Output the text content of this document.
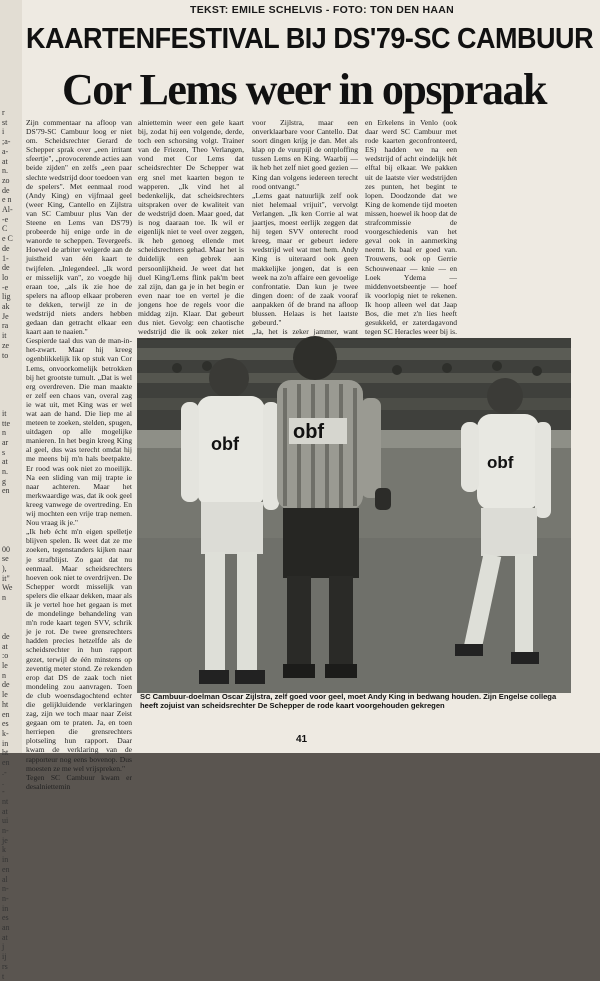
r
st
i
;a-
a-
at
n.
zo
de
e n
Al-
-e
C
e C
de
1-
de
lo
-e
lig
ak
Je
ra
it
ze
to

it
tte
n
ar
s
at
n.
g
en

00
se
),
it"
We
n

de
at
:o
le
n
de
le
ht
en
es
k-
in
ht
en
.-
.
-
nt
at
ui
n-
je
k
in
en
al
n-
n-
in
es
an
at
j
ij
rs
t
TEKST: EMILE SCHELVIS - FOTO: TON DEN HAAN
KAARTENFESTIVAL BIJ DS'79-SC CAMBUUR
Cor Lems weer in opspraak
Zijn commentaar na afloop van DS'79-SC Cambuur loog er niet om. Scheidsrechter Gerard de Schepper sprak over „een irritant sfeertje", „provocerende acties aan beide zijden" en zelfs „een paar slechte wedstrijd door toedoen van de spelers". Met eenmaal rood (Andy King) en vijfmaal geel (weer King, Cantello en Zijlstra van SC Cambuur plus Van der Steene en Lems van DS'79) probeerde hij enige orde in de wanorde te scheppen. Tevergeefs. Hoewel de arbiter weigerde aan de juistheid van één kaart te twijfelen. „Inlegendeel. „Ik word er misselijk van", zo voegde hij eraan toe, „als ik zie hoe de spelers na afloop elkaar proberen te dekken, terwijl ze in de wedstrijd niets anders hebben gedaan dan getracht elkaar een kaart aan te naaien."
Gespierde taal dus van de man-in-het-zwart. Maar hij kreeg ogenblikkelijk lik op stuk van Cor Lems, onvoorkomelijk betrokken bij het grootste tumult. „Dat is wel erg overdreven. Die man maakte er zelf een chaos van, overal zag ie wat uit, met King was er wel wat aan de hand. Die liep me al meteen te zoeken, stelden, spugen, uitdagen op alle mogelijke manieren. In het begin kreeg King al geel, dus was terecht omdat hij me meens bij m'n hals beetpakte. Er rood was ook niet zo moeilijk. Na een sliding van mij trapte ie naar achteren. Maar het merkwaardige was, dat ik ook geel kreeg vanwege de overtreding. En wij mochten een vrije trap nemen. Nou vraag ik je."
„Ik heb écht m'n eigen spelletje blijven spelen. Ik weet dat ze me zoeken, tegenstanders kijken naar je strafblijst. Zo gaat dat nu eenmaal. Maar scheidsrechters hoeven ook niet te overdrijven. De Schepper wordt misselijk van spelers die elkaar dekken, maar als ik je vertel hoe het gegaan is met de mondelinge behandeling van m'n rode kaart tegen SVV, schrik je je rot. De twee grensrechters hadden precies hetzelfde als de scheidsrechter in hun rapport gezet, terwijl de één minstens op zeventig meter stond. Ze rekenden erop dat DS de zaak toch niet mondeling zou aanvragen. Toen de club woensdagochtend echter die gelijkluidende verklaringen zag, zijn we toch maar naar Zeist gegaan om te praten. Ja, en toen herriepen die grensrechters plotseling hun rapport. Daar kwam de verklaring van de rapporteur nog eens bovenop. Dus moesten ze me wel vrijspreken."
Tegen SC Cambuur kwam er desalniettemin
alniettemin weer een gele kaart bij, zodat hij een volgende, derde, toch een schorsing volgt. Trainer van de Friezen, Theo Verlangen, vond met Cor Lems dat scheidsrechter De Schepper wat erg snel met kaarten begon te wapperen. „Ik vind het al bedenkelijk, dat scheidsrechters uitspraken over de kwaliteit van de wedstrijd doen. Maar goed, dat is nog daaraan toe. Ik wil er eigenlijk niet te veel over zeggen, ik heb genoeg ellende met scheidsrechters gehad. Maar het is duidelijk een gebrek aan persoonlijkheid. Je weet dat het duel King/Lems flink pak'm beet zal zijn, dan ga je in het begin er even naar toe en vertel je die jongens hoe de regels voor die middag zijn. Klaar. Dat gebeurt dus niet. Gevolg: een chaotische wedstrijd die ik ook zeker niet
voor Zijlstra, maar een onverklaarbare voor Cantello. Dat soort dingen krijg je dan. Met als klap op de vuurpijl de ontploffing tussen Lems en King. Waarbij — ik heb het zelf niet goed gezien — King dan volgens iedereen terecht rood ontvangt."
„Lems gaat natuurlijk zelf ook niet helemaal vrijuit", vervolgt Verlangen. „Ik ken Corrie al wat jaartjes, moest eerlijk zeggen dat hij tegen SVV onterecht rood kreeg, maar er gebeurt iedere wedstrijd wel wat met hem. Andy King is uiteraard ook geen makkelijke jongen, dat is een week na zo'n affaire een gevoelige confrontatie. Dan kun je twee dingen doen: of de zaak vooraf aanpakken óf de brand na afloop blussen. Helaas is het laatste gebeurd."
„Ja, het is zeker jammer, want
en Erkelens in Venlo (ook daar werd SC Cambuur met rode kaarten geconfronteerd, ES) hadden we na een wedstrijd of acht eindelijk hét elftal bij elkaar. We pakken uit de laatste vier wedstrijden zes punten, het begint te lopen. Doodzonde dat we King de komende tijd moeten missen, hoewel ik hoop dat de strafcommissie de voorgeschiedenis van het geval ook in aanmerking neemt. Ik baal er goed van. Trouwens, ook op Gerrie Schouwenaar — knie — en Loek Ydema — middenvoetsbeentje — hoef ik voorlopig niet te rekenen. Ik hoop alleen wel dat Jaap Bos, die met z'n lies heeft gesukkeld, er zaterdagavond tegen SC Heracles weer bij is.
obf
obf
obf
SC Cambuur-doelman Oscar Zijlstra, zelf goed voor geel, moet Andy King in bedwang houden. Zijn Engelse collega heeft zojuist van scheidsrechter De Schepper de rode kaart voorgehouden gekregen
41
